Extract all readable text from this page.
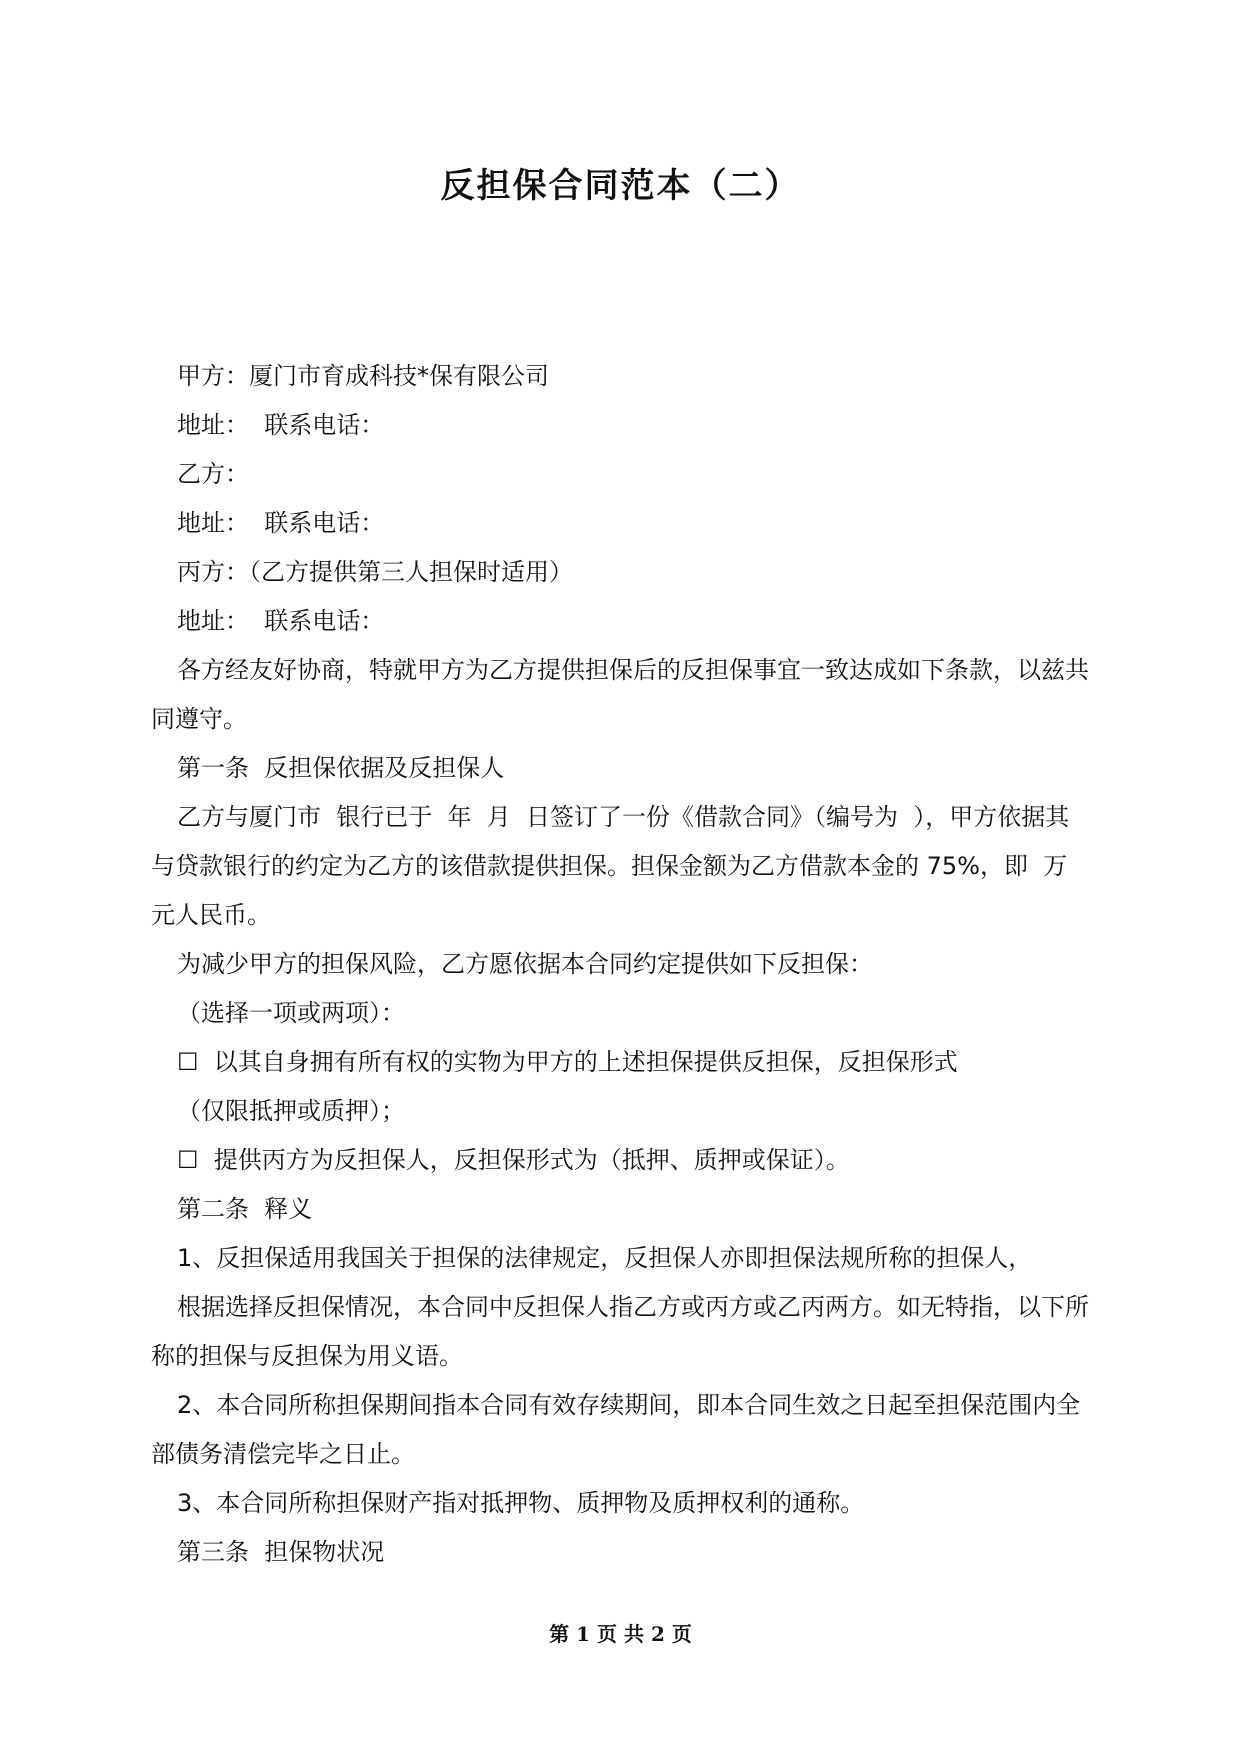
反担保合同范本（二）

甲方：厦门市育成科技*保有限公司

地址：  联系电话：

乙方：

地址：  联系电话：

丙方：（乙方提供第三人担保时适用）

地址：  联系电话：

各方经友好协商，特就甲方为乙方提供担保后的反担保事宜一致达成如下条款，以兹共同遵守。

第一条  反担保依据及反担保人

乙方与厦门市  银行已于  年  月  日签订了一份《借款合同》（编号为  ），甲方依据其与贷款银行的约定为乙方的该借款提供担保。担保金额为乙方借款本金的 75%，即  万元人民币。

为减少甲方的担保风险，乙方愿依据本合同约定提供如下反担保：

（选择一项或两项）：

☐  以其自身拥有所有权的实物为甲方的上述担保提供反担保，反担保形式

（仅限抵押或质押）；

☐  提供丙方为反担保人，反担保形式为（抵押、质押或保证）。

第二条  释义

1、反担保适用我国关于担保的法律规定，反担保人亦即担保法规所称的担保人，

根据选择反担保情况，本合同中反担保人指乙方或丙方或乙丙两方。如无特指，以下所称的担保与反担保为用义语。

2、本合同所称担保期间指本合同有效存续期间，即本合同生效之日起至担保范围内全部债务清偿完毕之日止。

3、本合同所称担保财产指对抵押物、质押物及质押权利的通称。

第三条  担保物状况

第 1 页 共 2 页
